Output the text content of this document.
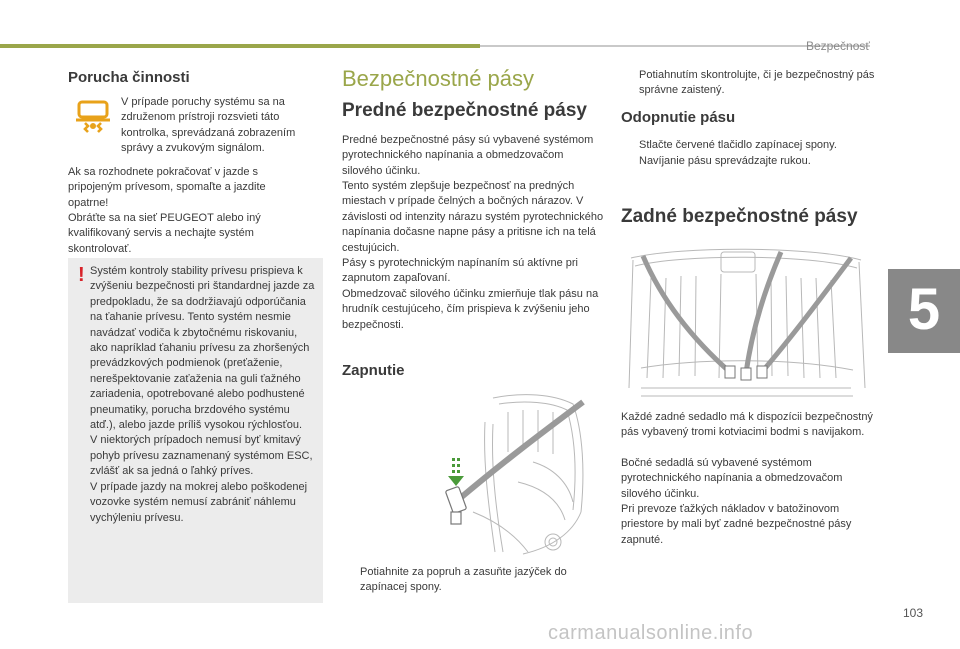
Bezpečnosť
5
Porucha činnosti

V prípade poruchy systému sa na združenom prístroji rozsvieti táto kontrolka, sprevádzaná zobrazením správy a zvukovým signálom.

Ak sa rozhodnete pokračovať v jazde s pripojeným prívesom, spomaľte a jazdite opatrne!

Obráťte sa na sieť PEUGEOT alebo iný kvalifikovaný servis a nechajte systém skontrolovať.

! Systém kontroly stability prívesu prispieva k zvýšeniu bezpečnosti pri štandardnej jazde za predpokladu, že sa dodržiavajú odporúčania na ťahanie prívesu. Tento systém nesmie navádzať vodiča k zbytočnému riskovaniu, ako napríklad ťahaniu prívesu za zhoršených prevádzkových podmienok (preťaženie, nerešpektovanie zaťaženia na guli ťažného zariadenia, opotrebované alebo podhustené pneumatiky, porucha brzdového systému atď.), alebo jazde príliš vysokou rýchlosťou.

V niektorých prípadoch nemusí byť kmitavý pohyb prívesu zaznamenaný systémom ESC, zvlášť ak sa jedná o ľahký príves.

V prípade jazdy na mokrej alebo poškodenej vozovke systém nemusí zabrániť náhlemu vychýleniu prívesu.

Bezpečnostné pásy
Predné bezpečnostné pásy

Predné bezpečnostné pásy sú vybavené systémom pyrotechnického napínania a obmedzovačom silového účinku.

Tento systém zlepšuje bezpečnosť na predných miestach v prípade čelných a bočných nárazov. V závislosti od intenzity nárazu systém pyrotechnického napínania dočasne napne pásy a pritisne ich na telá cestujúcich.

Pásy s pyrotechnickým napínaním sú aktívne pri zapnutom zapaľovaní.

Obmedzovač silového účinku zmierňuje tlak pásu na hrudník cestujúceho, čím prispieva k zvýšeniu jeho bezpečnosti.

Zapnutie
Potiahnite za popruh a zasuňte jazýček do zapínacej spony.
Potiahnutím skontrolujte, či je bezpečnostný pás správne zaistený.
Odopnutie pásu
Stlačte červené tlačidlo zapínacej spony.
Navíjanie pásu sprevádzajte rukou.
Zadné bezpečnostné pásy

Každé zadné sedadlo má k dispozícii bezpečnostný pás vybavený tromi kotviacimi bodmi s navijakom.

Bočné sedadlá sú vybavené systémom pyrotechnického napínania a obmedzovačom silového účinku.

Pri prevoze ťažkých nákladov v batožinovom priestore by mali byť zadné bezpečnostné pásy zapnuté.

103
carmanualsonline.info
